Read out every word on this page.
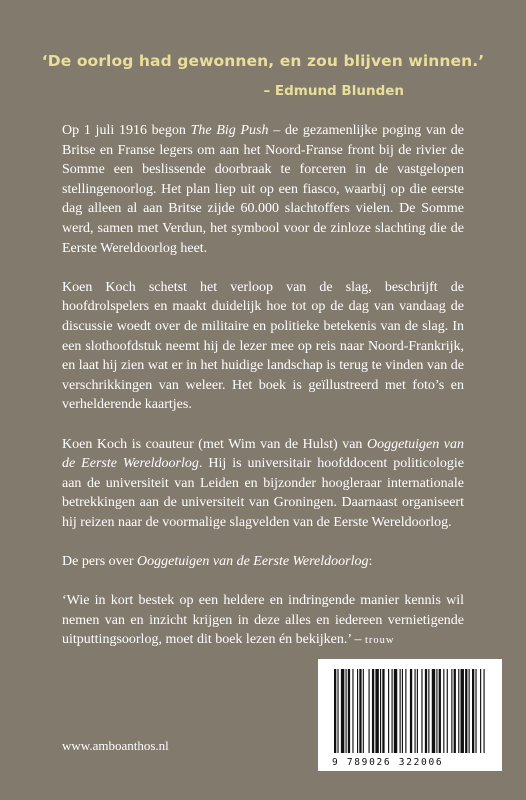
‘De oorlog had gewonnen, en zou blijven winnen.’
– Edmund Blunden

Op 1 juli 1916 begon The Big Push – de gezamenlijke poging van de Britse en Franse legers om aan het Noord-Franse front bij de rivier de Somme een beslissende doorbraak te forceren in de vastgelopen stellingenoorlog. Het plan liep uit op een fiasco, waarbij op die eerste dag alleen al aan Britse zijde 60.000 slachtoffers vielen. De Somme werd, samen met Verdun, het symbool voor de zinloze slachting die de Eerste Wereldoorlog heet.

Koen Koch schetst het verloop van de slag, beschrijft de hoofdrolspelers en maakt duidelijk hoe tot op de dag van vandaag de discussie woedt over de militaire en politieke betekenis van de slag. In een slothoofdstuk neemt hij de lezer mee op reis naar Noord-Frankrijk, en laat hij zien wat er in het huidige landschap is terug te vinden van de verschrikkingen van weleer. Het boek is geïllustreerd met foto’s en verhelderende kaartjes.

Koen Koch is coauteur (met Wim van de Hulst) van Ooggetuigen van de Eerste Wereldoorlog. Hij is universitair hoofddocent politicologie aan de universiteit van Leiden en bijzonder hoogleraar internationale betrekkingen aan de universiteit van Groningen. Daarnaast organiseert hij reizen naar de voormalige slagvelden van de Eerste Wereldoorlog.

De pers over Ooggetuigen van de Eerste Wereldoorlog:

‘Wie in kort bestek op een heldere en indringende manier kennis wil nemen van en inzicht krijgen in deze alles en iedereen vernietigende uitputtingsoorlog, moet dit boek lezen én bekijken.’ – trouw

www.amboanthos.nl
9 789026 322006
